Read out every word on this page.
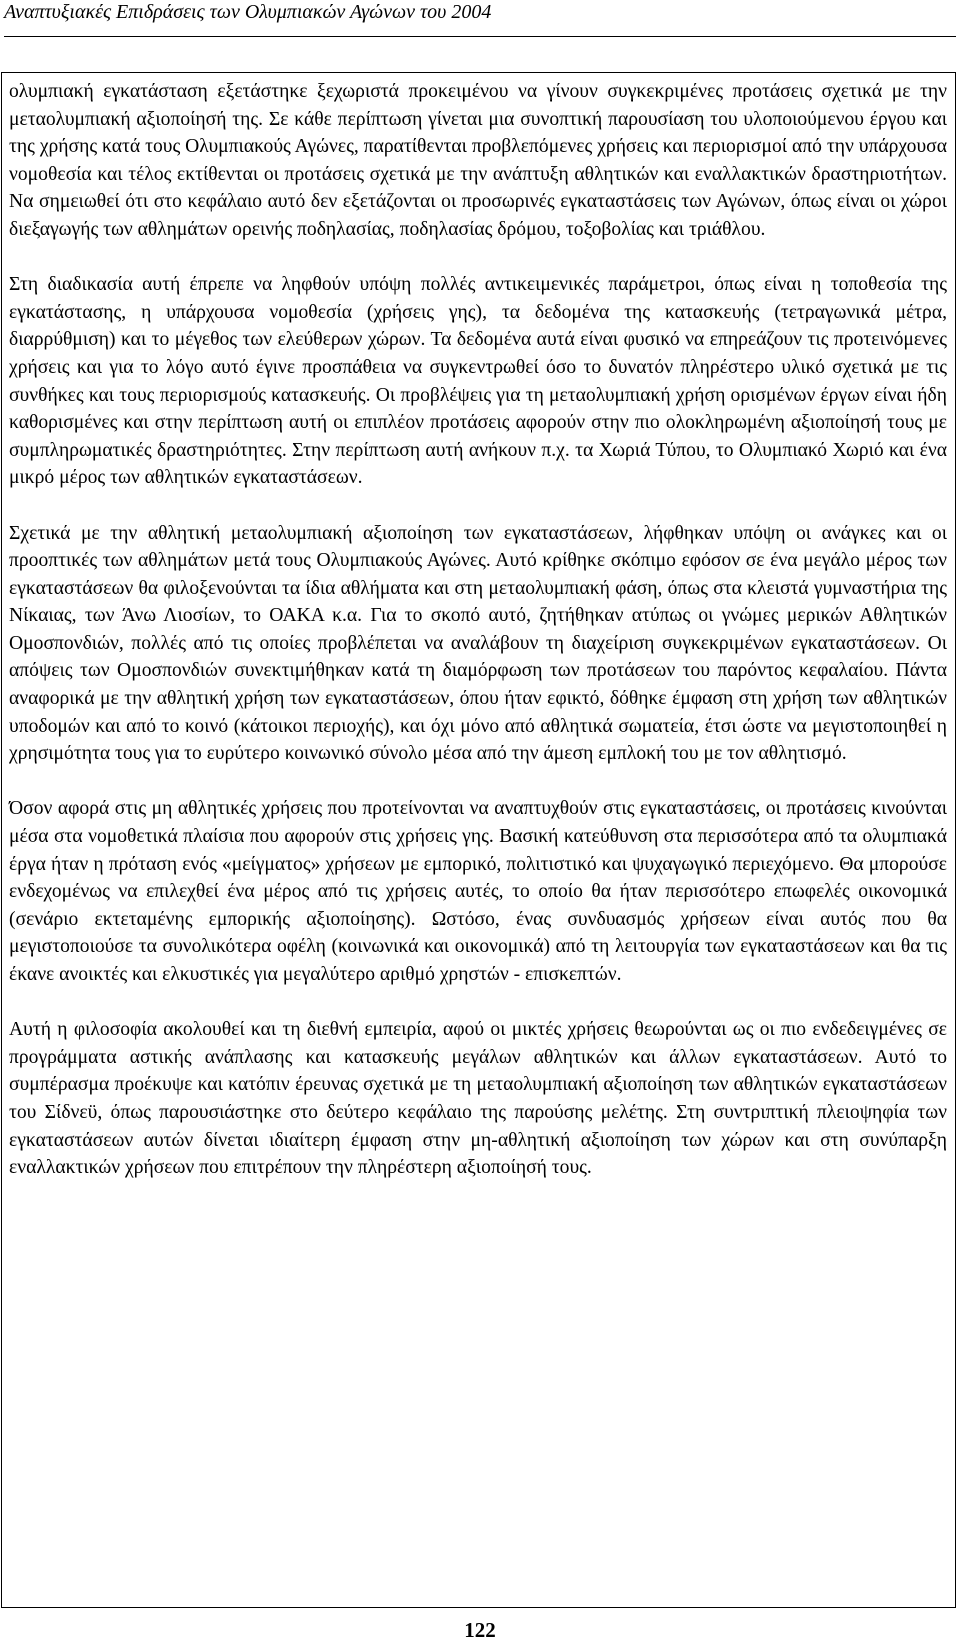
Αναπτυξιακές Επιδράσεις των Ολυμπιακών Αγώνων του 2004

ολυμπιακή εγκατάσταση εξετάστηκε ξεχωριστά προκειμένου να γίνουν συγκεκριμένες προτάσεις σχετικά με την μεταολυμπιακή αξιοποίησή της. Σε κάθε περίπτωση γίνεται μια συνοπτική παρουσίαση του υλοποιούμενου έργου και της χρήσης κατά τους Ολυμπιακούς Αγώνες, παρατίθενται προβλεπόμενες χρήσεις και περιορισμοί από την υπάρχουσα νομοθεσία και τέλος εκτίθενται οι προτάσεις σχετικά με την ανάπτυξη αθλητικών και εναλλακτικών δραστηριοτήτων. Να σημειωθεί ότι στο κεφάλαιο αυτό δεν εξετάζονται οι προσωρινές εγκαταστάσεις των Αγώνων, όπως είναι οι χώροι διεξαγωγής των αθλημάτων ορεινής ποδηλασίας, ποδηλασίας δρόμου, τοξοβολίας και τριάθλου.

Στη διαδικασία αυτή έπρεπε να ληφθούν υπόψη πολλές αντικειμενικές παράμετροι, όπως είναι η τοποθεσία της εγκατάστασης, η υπάρχουσα νομοθεσία (χρήσεις γης), τα δεδομένα της κατασκευής (τετραγωνικά μέτρα, διαρρύθμιση) και το μέγεθος των ελεύθερων χώρων. Τα δεδομένα αυτά είναι φυσικό να επηρεάζουν τις προτεινόμενες χρήσεις και για το λόγο αυτό έγινε προσπάθεια να συγκεντρωθεί όσο το δυνατόν πληρέστερο υλικό σχετικά με τις συνθήκες και τους περιορισμούς κατασκευής. Οι προβλέψεις για τη μεταολυμπιακή χρήση ορισμένων έργων είναι ήδη καθορισμένες και στην περίπτωση αυτή οι επιπλέον προτάσεις αφορούν στην πιο ολοκληρωμένη αξιοποίησή τους με συμπληρωματικές δραστηριότητες. Στην περίπτωση αυτή ανήκουν π.χ. τα Χωριά Τύπου, το Ολυμπιακό Χωριό και ένα μικρό μέρος των αθλητικών εγκαταστάσεων.

Σχετικά με την αθλητική μεταολυμπιακή αξιοποίηση των εγκαταστάσεων, λήφθηκαν υπόψη οι ανάγκες και οι προοπτικές των αθλημάτων μετά τους Ολυμπιακούς Αγώνες. Αυτό κρίθηκε σκόπιμο εφόσον σε ένα μεγάλο μέρος των εγκαταστάσεων θα φιλοξενούνται τα ίδια αθλήματα και στη μεταολυμπιακή φάση, όπως στα κλειστά γυμναστήρια της Νίκαιας, των Άνω Λιοσίων, το ΟΑΚΑ κ.α. Για το σκοπό αυτό, ζητήθηκαν ατύπως οι γνώμες μερικών Αθλητικών Ομοσπονδιών, πολλές από τις οποίες προβλέπεται να αναλάβουν τη διαχείριση συγκεκριμένων εγκαταστάσεων. Οι απόψεις των Ομοσπονδιών συνεκτιμήθηκαν κατά τη διαμόρφωση των προτάσεων του παρόντος κεφαλαίου. Πάντα αναφορικά με την αθλητική χρήση των εγκαταστάσεων, όπου ήταν εφικτό, δόθηκε έμφαση στη χρήση των αθλητικών υποδομών και από το κοινό (κάτοικοι περιοχής), και όχι μόνο από αθλητικά σωματεία, έτσι ώστε να μεγιστοποιηθεί η χρησιμότητα τους για το ευρύτερο κοινωνικό σύνολο μέσα από την άμεση εμπλοκή του με τον αθλητισμό.

Όσον αφορά στις μη αθλητικές χρήσεις που προτείνονται να αναπτυχθούν στις εγκαταστάσεις, οι προτάσεις κινούνται μέσα στα νομοθετικά πλαίσια που αφορούν στις χρήσεις γης. Βασική κατεύθυνση στα περισσότερα από τα ολυμπιακά έργα ήταν η πρόταση ενός «μείγματος» χρήσεων με εμπορικό, πολιτιστικό και ψυχαγωγικό περιεχόμενο. Θα μπορούσε ενδεχομένως να επιλεχθεί ένα μέρος από τις χρήσεις αυτές, το οποίο θα ήταν περισσότερο επωφελές οικονομικά (σενάριο εκτεταμένης εμπορικής αξιοποίησης). Ωστόσο, ένας συνδυασμός χρήσεων είναι αυτός που θα μεγιστοποιούσε τα συνολικότερα οφέλη (κοινωνικά και οικονομικά) από τη λειτουργία των εγκαταστάσεων και θα τις έκανε ανοικτές και ελκυστικές για μεγαλύτερο αριθμό χρηστών - επισκεπτών.

Αυτή η φιλοσοφία ακολουθεί και τη διεθνή εμπειρία, αφού οι μικτές χρήσεις θεωρούνται ως οι πιο ενδεδειγμένες σε προγράμματα αστικής ανάπλασης και κατασκευής μεγάλων αθλητικών και άλλων εγκαταστάσεων. Αυτό το συμπέρασμα προέκυψε και κατόπιν έρευνας σχετικά με τη μεταολυμπιακή αξιοποίηση των αθλητικών εγκαταστάσεων του Σίδνεϋ, όπως παρουσιάστηκε στο δεύτερο κεφάλαιο της παρούσης μελέτης. Στη συντριπτική πλειοψηφία των εγκαταστάσεων αυτών δίνεται ιδιαίτερη έμφαση στην μη-αθλητική αξιοποίηση των χώρων και στη συνύπαρξη εναλλακτικών χρήσεων που επιτρέπουν την πληρέστερη αξιοποίησή τους.

122
